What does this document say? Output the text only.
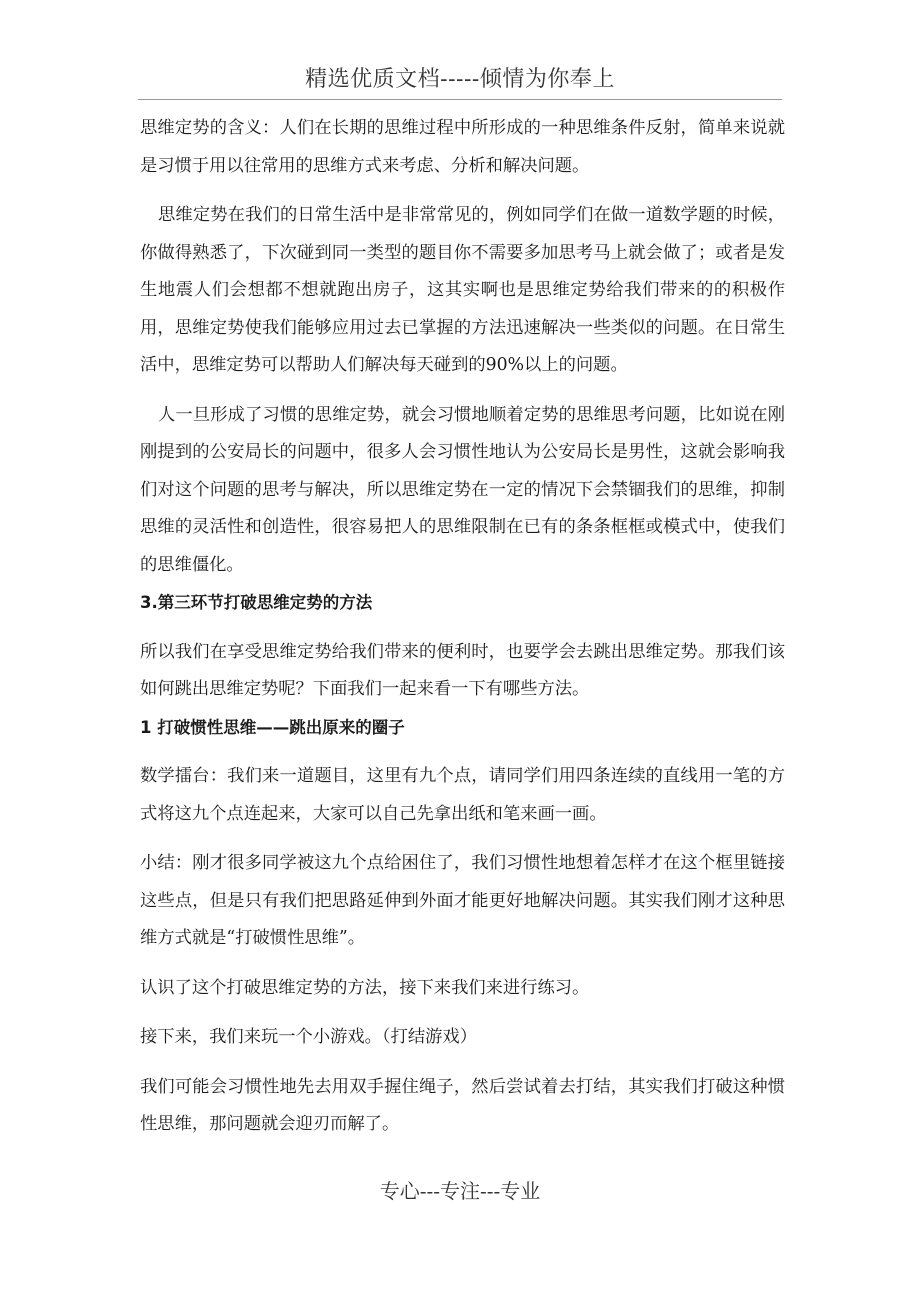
精选优质文档-----倾情为你奉上

思维定势的含义：人们在长期的思维过程中所形成的一种思维条件反射，简单来说就是习惯于用以往常用的思维方式来考虑、分析和解决问题。

思维定势在我们的日常生活中是非常常见的，例如同学们在做一道数学题的时候，你做得熟悉了，下次碰到同一类型的题目你不需要多加思考马上就会做了；或者是发生地震人们会想都不想就跑出房子，这其实啊也是思维定势给我们带来的的积极作用，思维定势使我们能够应用过去已掌握的方法迅速解决一些类似的问题。在日常生活中，思维定势可以帮助人们解决每天碰到的90%以上的问题。

人一旦形成了习惯的思维定势，就会习惯地顺着定势的思维思考问题，比如说在刚刚提到的公安局长的问题中，很多人会习惯性地认为公安局长是男性，这就会影响我们对这个问题的思考与解决，所以思维定势在一定的情况下会禁锢我们的思维，抑制思维的灵活性和创造性，很容易把人的思维限制在已有的条条框框或模式中，使我们的思维僵化。

3.第三环节打破思维定势的方法

所以我们在享受思维定势给我们带来的便利时，也要学会去跳出思维定势。那我们该如何跳出思维定势呢？下面我们一起来看一下有哪些方法。

1 打破惯性思维——跳出原来的圈子

数学擂台：我们来一道题目，这里有九个点，请同学们用四条连续的直线用一笔的方式将这九个点连起来，大家可以自己先拿出纸和笔来画一画。

小结：刚才很多同学被这九个点给困住了，我们习惯性地想着怎样才在这个框里链接这些点，但是只有我们把思路延伸到外面才能更好地解决问题。其实我们刚才这种思维方式就是“打破惯性思维”。

认识了这个打破思维定势的方法，接下来我们来进行练习。

接下来，我们来玩一个小游戏。（打结游戏）

我们可能会习惯性地先去用双手握住绳子，然后尝试着去打结，其实我们打破这种惯性思维，那问题就会迎刃而解了。

专心---专注---专业
